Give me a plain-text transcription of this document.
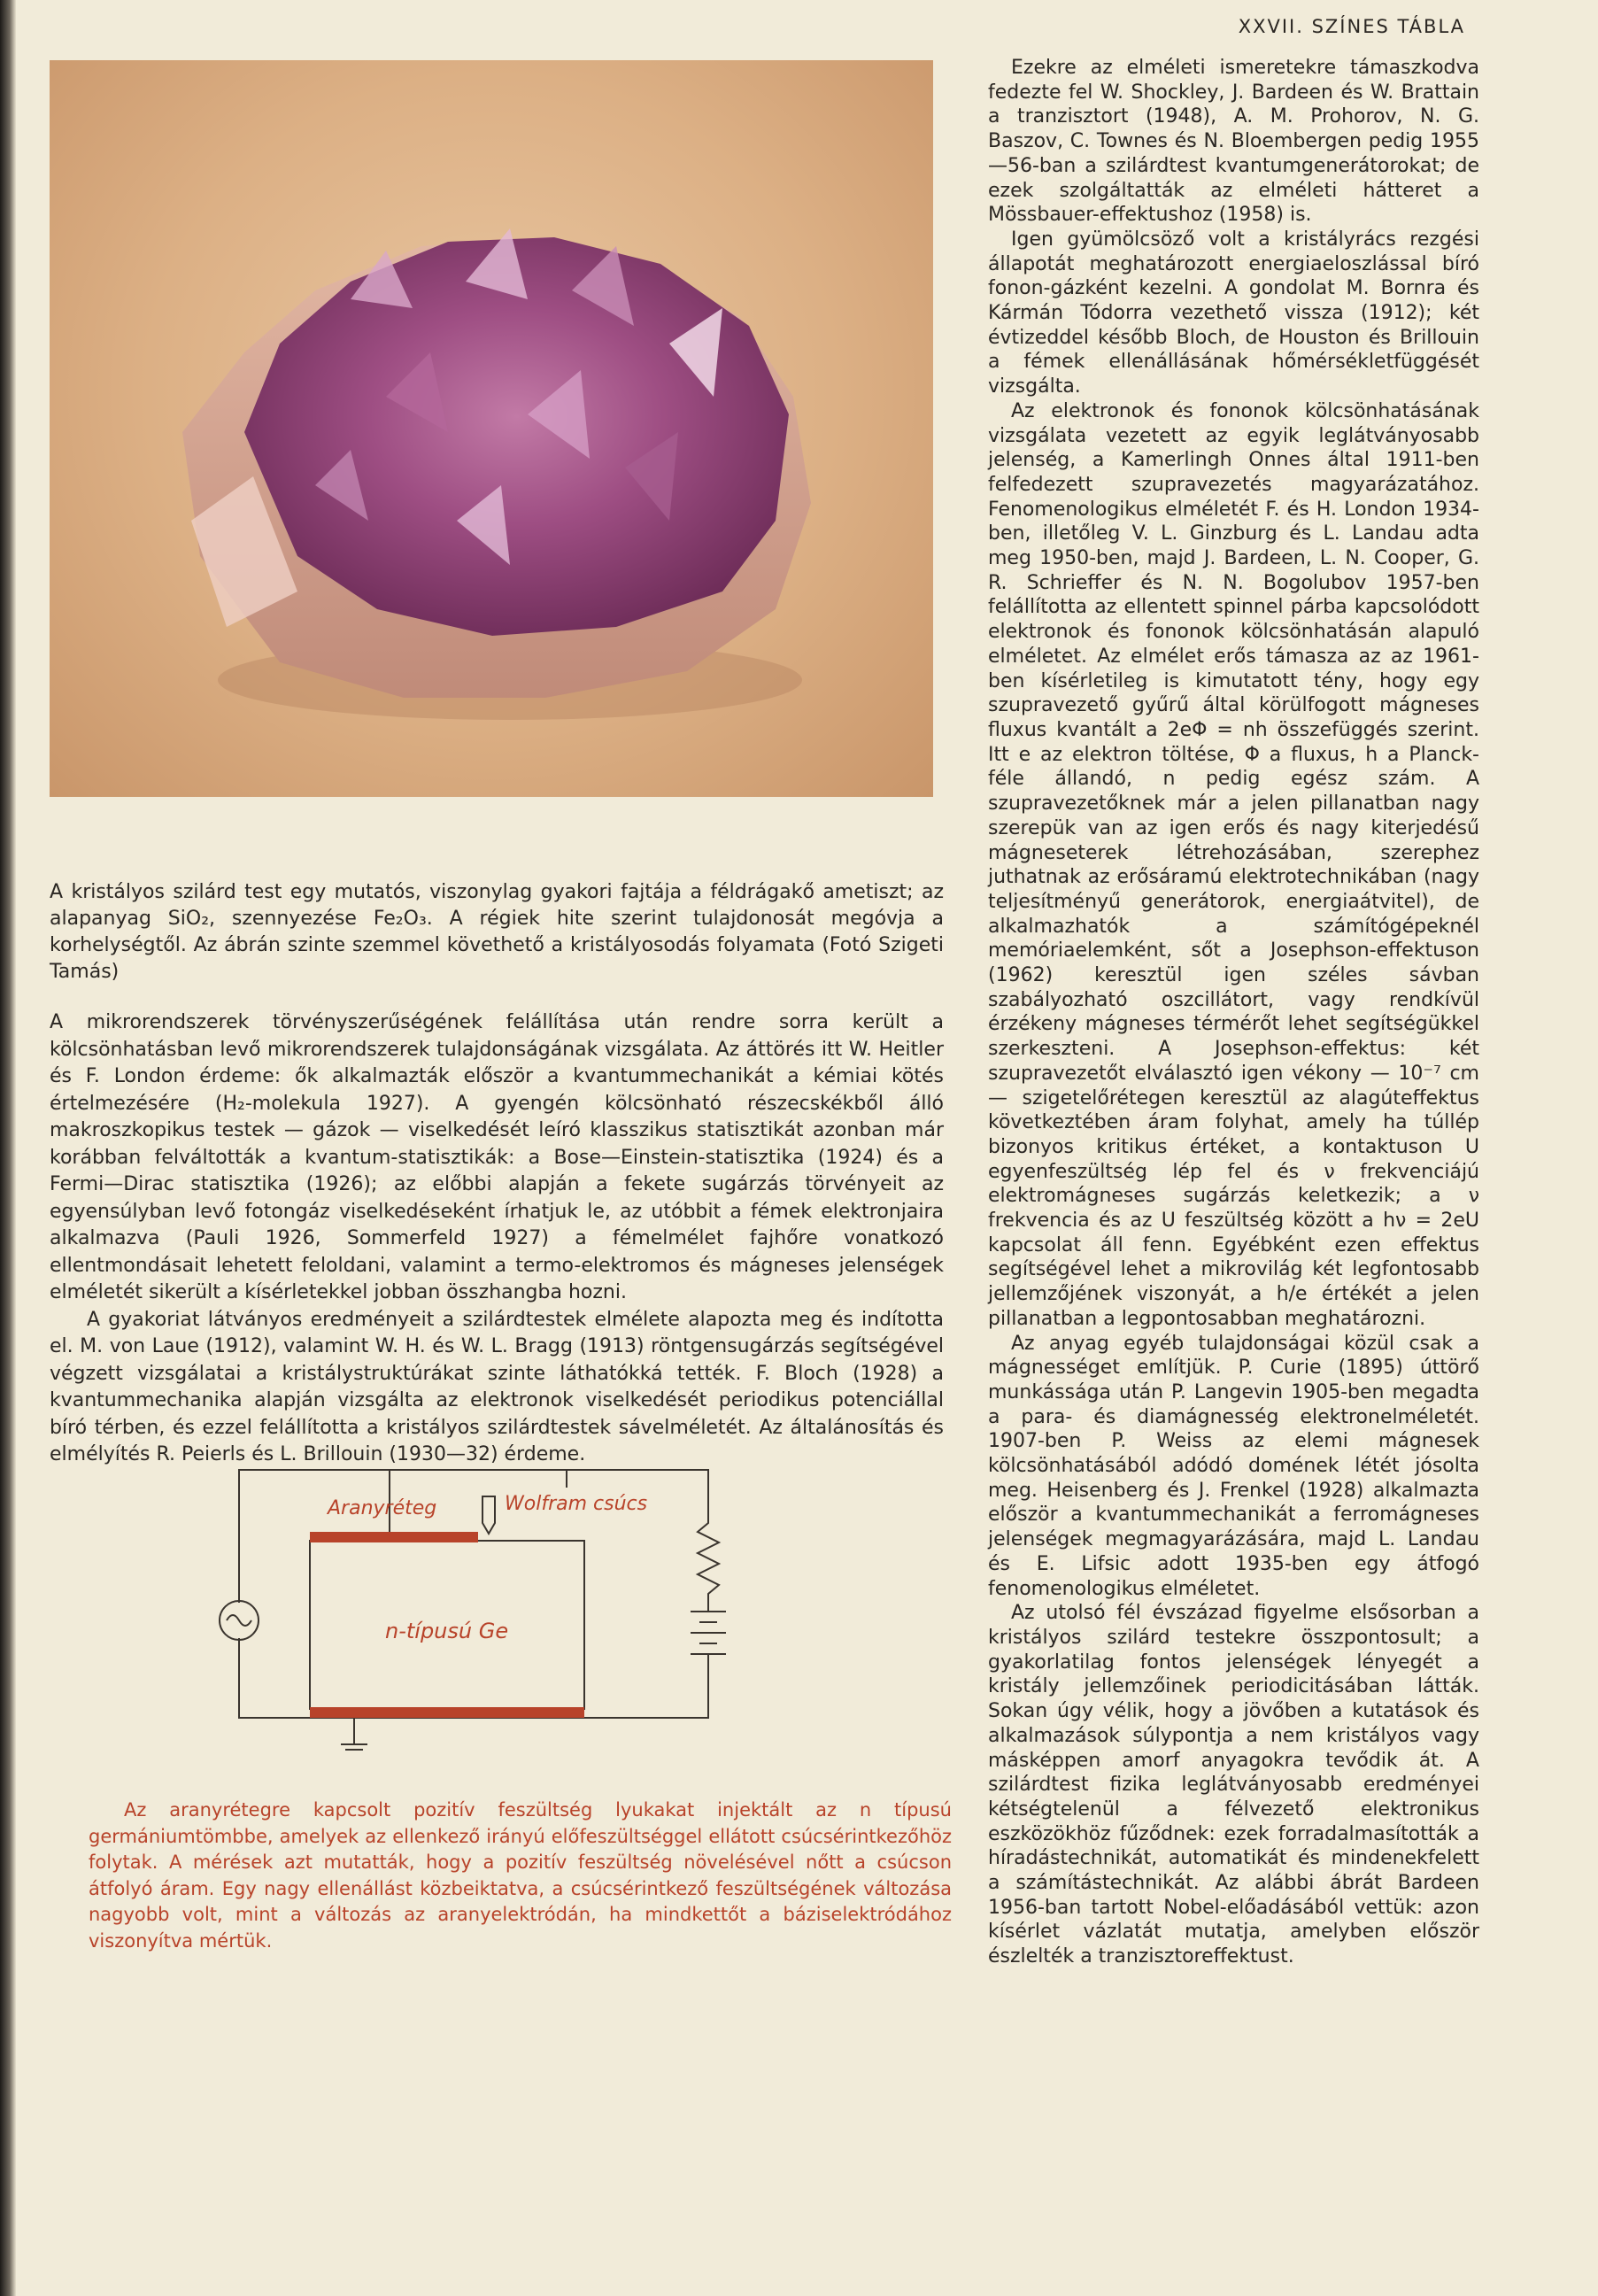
XXVII. SZÍNES TÁBLA
A kristályos szilárd test egy mutatós, viszonylag gyakori fajtája a féldrágakő ametiszt; az alapanyag SiO₂, szennyezése Fe₂O₃. A régiek hite szerint tulajdonosát megóvja a korhelységtől. Az ábrán szinte szemmel követhető a kristályosodás folyamata (Fotó Szigeti Tamás)

A mikrorendszerek törvényszerűségének felállítása után rendre sorra került a kölcsönhatásban levő mikrorendszerek tulajdonságának vizsgálata. Az áttörés itt W. Heitler és F. London érdeme: ők alkalmazták először a kvantummechanikát a kémiai kötés értelmezésére (H₂-molekula 1927). A gyengén kölcsönható részecskékből álló makroszkopikus testek — gázok — viselkedését leíró klasszikus statisztikát azonban már korábban felváltották a kvantum-statisztikák: a Bose—Einstein-statisztika (1924) és a Fermi—Dirac statisztika (1926); az előbbi alapján a fekete sugárzás törvényeit az egyensúlyban levő fotongáz viselkedéseként írhatjuk le, az utóbbit a fémek elektronjaira alkalmazva (Pauli 1926, Sommerfeld 1927) a fémelmélet fajhőre vonatkozó ellentmondásait lehetett feloldani, valamint a termo-elektromos és mágneses jelenségek elméletét sikerült a kísérletekkel jobban összhangba hozni.

A gyakoriat látványos eredményeit a szilárdtestek elmélete alapozta meg és indította el. M. von Laue (1912), valamint W. H. és W. L. Bragg (1913) röntgensugárzás segítségével végzett vizsgálatai a kristálystruktúrákat szinte láthatókká tették. F. Bloch (1928) a kvantummechanika alapján vizsgálta az elektronok viselkedését periodikus potenciállal bíró térben, és ezzel felállította a kristályos szilárdtestek sávelméletét. Az általánosítás és elmélyítés R. Peierls és L. Brillouin (1930—32) érdeme.

Aranyréteg	Wolfram csúcs
n-típusú Ge
Az aranyrétegre kapcsolt pozitív feszültség lyukakat injektált az n típusú germániumtömbbe, amelyek az ellenkező irányú előfeszültséggel ellátott csúcsérintkezőhöz folytak. A mérések azt mutatták, hogy a pozitív feszültség növelésével nőtt a csúcson átfolyó áram. Egy nagy ellenállást közbeiktatva, a csúcsérintkező feszültségének változása nagyobb volt, mint a változás az aranyelektródán, ha mindkettőt a báziselektródához viszonyítva mértük.

Ezekre az elméleti ismeretekre támaszkodva fedezte fel W. Shockley, J. Bardeen és W. Brattain a tranzisztort (1948), A. M. Prohorov, N. G. Baszov, C. Townes és N. Bloembergen pedig 1955—56-ban a szilárdtest kvantumgenerátorokat; de ezek szolgáltatták az elméleti hátteret a Mössbauer-effektushoz (1958) is.

Igen gyümölcsöző volt a kristályrács rezgési állapotát meghatározott energiaeloszlással bíró fonon-gázként kezelni. A gondolat M. Bornra és Kármán Tódorra vezethető vissza (1912); két évtizeddel később Bloch, de Houston és Brillouin a fémek ellenállásának hőmérsékletfüggését vizsgálta.

Az elektronok és fononok kölcsönhatásának vizsgálata vezetett az egyik leglátványosabb jelenség, a Kamerlingh Onnes által 1911-ben felfedezett szupravezetés magyarázatához. Fenomenologikus elméletét F. és H. London 1934-ben, illetőleg V. L. Ginzburg és L. Landau adta meg 1950-ben, majd J. Bardeen, L. N. Cooper, G. R. Schrieffer és N. N. Bogolubov 1957-ben felállította az ellentett spinnel párba kapcsolódott elektronok és fononok kölcsönhatásán alapuló elméletet. Az elmélet erős támasza az az 1961-ben kísérletileg is kimutatott tény, hogy egy szupravezető gyűrű által körülfogott mágneses fluxus kvantált a 2eΦ = nh összefüggés szerint. Itt e az elektron töltése, Φ a fluxus, h a Planck-féle állandó, n pedig egész szám. A szupravezetőknek már a jelen pillanatban nagy szerepük van az igen erős és nagy kiterjedésű mágneseterek létrehozásában, szerephez juthatnak az erősáramú elektrotechnikában (nagy teljesítményű generátorok, energiaátvitel), de alkalmazhatók a számítógépeknél memóriaelemként, sőt a Josephson-effektuson (1962) keresztül igen széles sávban szabályozható oszcillátort, vagy rendkívül érzékeny mágneses térmérőt lehet segítségükkel szerkeszteni. A Josephson-effektus: két szupravezetőt elválasztó igen vékony — 10⁻⁷ cm — szigetelőrétegen keresztül az alagúteffektus következtében áram folyhat, amely ha túllép bizonyos kritikus értéket, a kontaktuson U egyenfeszültség lép fel és ν frekvenciájú elektromágneses sugárzás keletkezik; a ν frekvencia és az U feszültség között a hν = 2eU kapcsolat áll fenn. Egyébként ezen effektus segítségével lehet a mikrovilág két legfontosabb jellemzőjének viszonyát, a h/e értékét a jelen pillanatban a legpontosabban meghatározni.

Az anyag egyéb tulajdonságai közül csak a mágnességet említjük. P. Curie (1895) úttörő munkássága után P. Langevin 1905-ben megadta a para- és diamágnesség elektronelméletét. 1907-ben P. Weiss az elemi mágnesek kölcsönhatásából adódó domének létét jósolta meg. Heisenberg és J. Frenkel (1928) alkalmazta először a kvantummechanikát a ferromágneses jelenségek megmagyarázására, majd L. Landau és E. Lifsic adott 1935-ben egy átfogó fenomenologikus elméletet.

Az utolsó fél évszázad figyelme elsősorban a kristályos szilárd testekre összpontosult; a gyakorlatilag fontos jelenségek lényegét a kristály jellemzőinek periodicitásában látták. Sokan úgy vélik, hogy a jövőben a kutatások és alkalmazások súlypontja a nem kristályos vagy másképpen amorf anyagokra tevődik át. A szilárdtest fizika leglátványosabb eredményei kétségtelenül a félvezető elektronikus eszközökhöz fűződnek: ezek forradalmasították a híradástechnikát, automatikát és mindenekfelett a számítástechnikát. Az alábbi ábrát Bardeen 1956-ban tartott Nobel-előadásából vettük: azon kísérlet vázlatát mutatja, amelyben először észlelték a tranzisztoreffektust.
